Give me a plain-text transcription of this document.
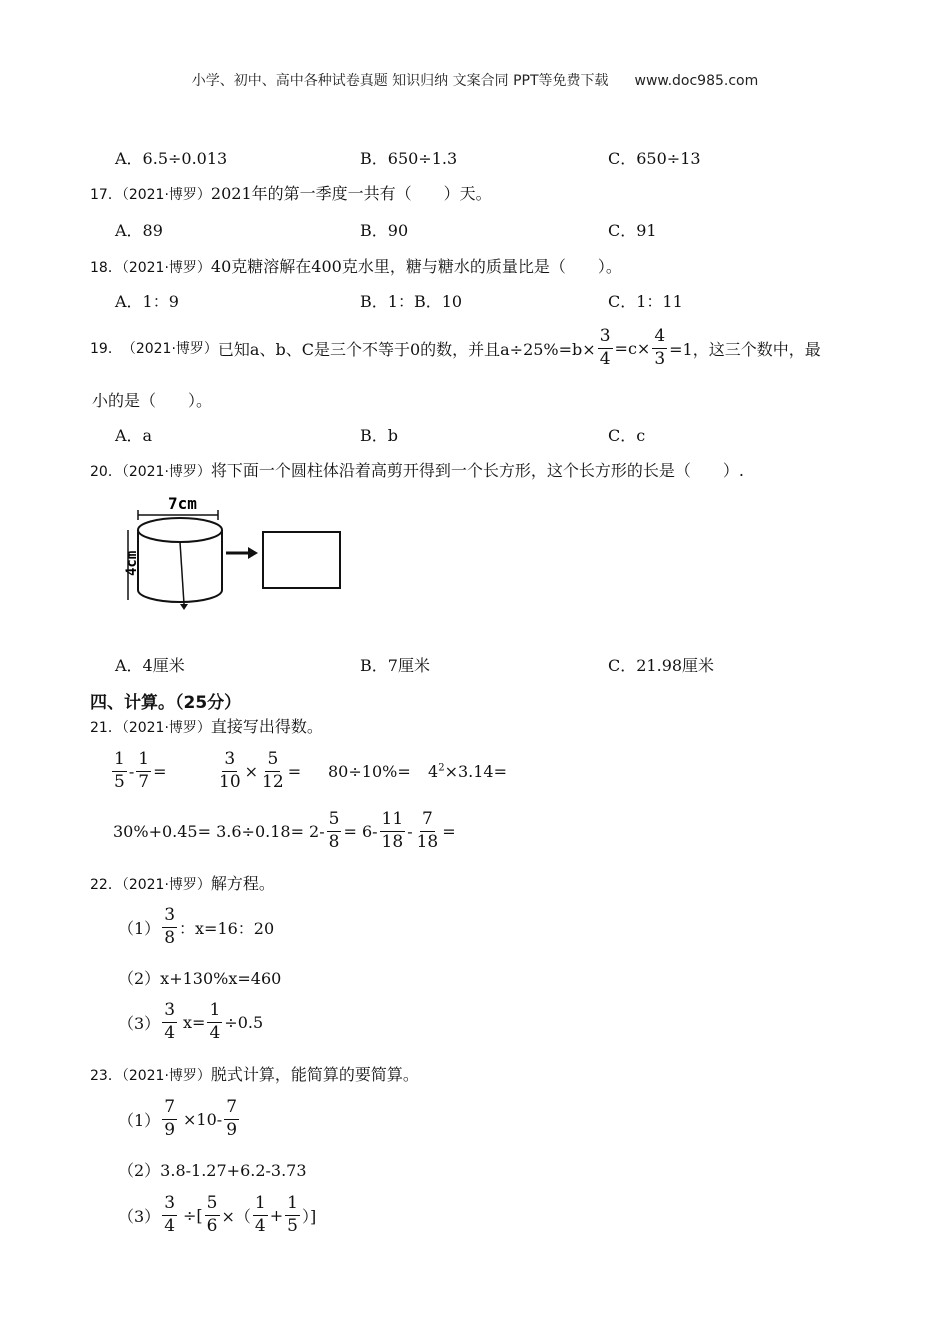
小学、初中、高中各种试卷真题 知识归纳 文案合同 PPT等免费下载 www.doc985.com
A．6.5÷0.013	B．650÷1.3	C．650÷13
17．（2021·博罗）2021年的第一季度一共有（　　）天。
A．89	B．90	C．91
18．（2021·博罗）40克糖溶解在400克水里，糖与糖水的质量比是（　　）。
A．1：9	B．1：B．10	C．1：11
19． （2021·博罗） 已知a、b、C是三个不等于0的数，并且$a\div 25\%=b\times \frac{3}{4} =c\times \frac{4}{3} =1$，这三个数中，最
小的是（　　）。
A．a	B．b	C．c
20．（2021·博罗）将下面一个圆柱体沿着高剪开得到一个长方形，这个长方形的长是（　　）.
7cm
4cm
A．4厘米	B．7厘米	C．21.98厘米
四、计算。（25分）
21．（2021·博罗）直接写出得数。
$\frac{1}{5} - \frac{1}{7}$ =	$\frac{3}{10} \times \frac{5}{12} = 80\div 10\%= 4^2\times 3.14=$
$30\%+0.45= 3.6\div 0.18= 2- \frac{5}{8} = 6- \frac{11}{18} - \frac{7}{18}$ =
22．（2021·博罗）解方程。
$(1) \frac{3}{8}$ ：x=16：20
（2）x+130%x=460
$(3) \frac{3}{4} x= \frac{1}{4} \div 0.5$
23．（2021·博罗）脱式计算，能简算的要简算。
$(1) \frac{7}{9} \times 10- \frac{7}{9}$
（2）3.8-1.27+6.2-3.73
$(3) \frac{3}{4}$ ÷[ $\frac{5}{6}$ ×（ $\frac{1}{4} + \frac{1}{5}$ ）]
